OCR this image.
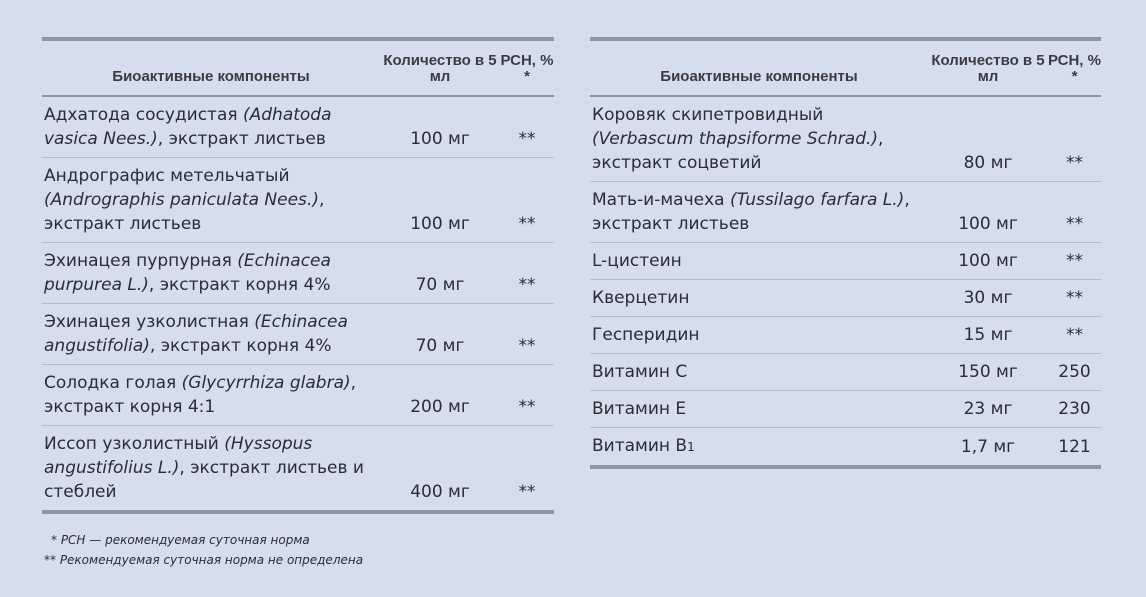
Биоактивные компоненты	Количество в 5 мл	РСН, % *
Адхатода сосудистая (Adhatoda vasica Nees.), экстракт листьев	100 мг	**
Андрографис метельчатый (Andrographis paniculata Nees.), экстракт листьев	100 мг	**
Эхинацея пурпурная (Echinacea purpurea L.), экстракт корня 4%	70 мг	**
Эхинацея узколистная (Echinacea angustifolia), экстракт корня 4%	70 мг	**
Солодка голая (Glycyrrhiza glabra), экстракт корня 4:1	200 мг	**
Иссоп узколистный (Hyssopus angustifolius L.), экстракт листьев и стеблей	400 мг	**
Биоактивные компоненты	Количество в 5 мл	РСН, % *
Коровяк скипетровидный (Verbascum thapsiforme Schrad.), экстракт соцветий	80 мг	**
Мать-и-мачеха (Tussilago farfara L.), экстракт листьев	100 мг	**
L-цистеин	100 мг	**
Кверцетин	30 мг	**
Гесперидин	15 мг	**
Витамин С	150 мг	250
Витамин Е	23 мг	230
Витамин B1	1,7 мг	121
* РСН — рекомендуемая суточная норма
** Рекомендуемая суточная норма не определена
